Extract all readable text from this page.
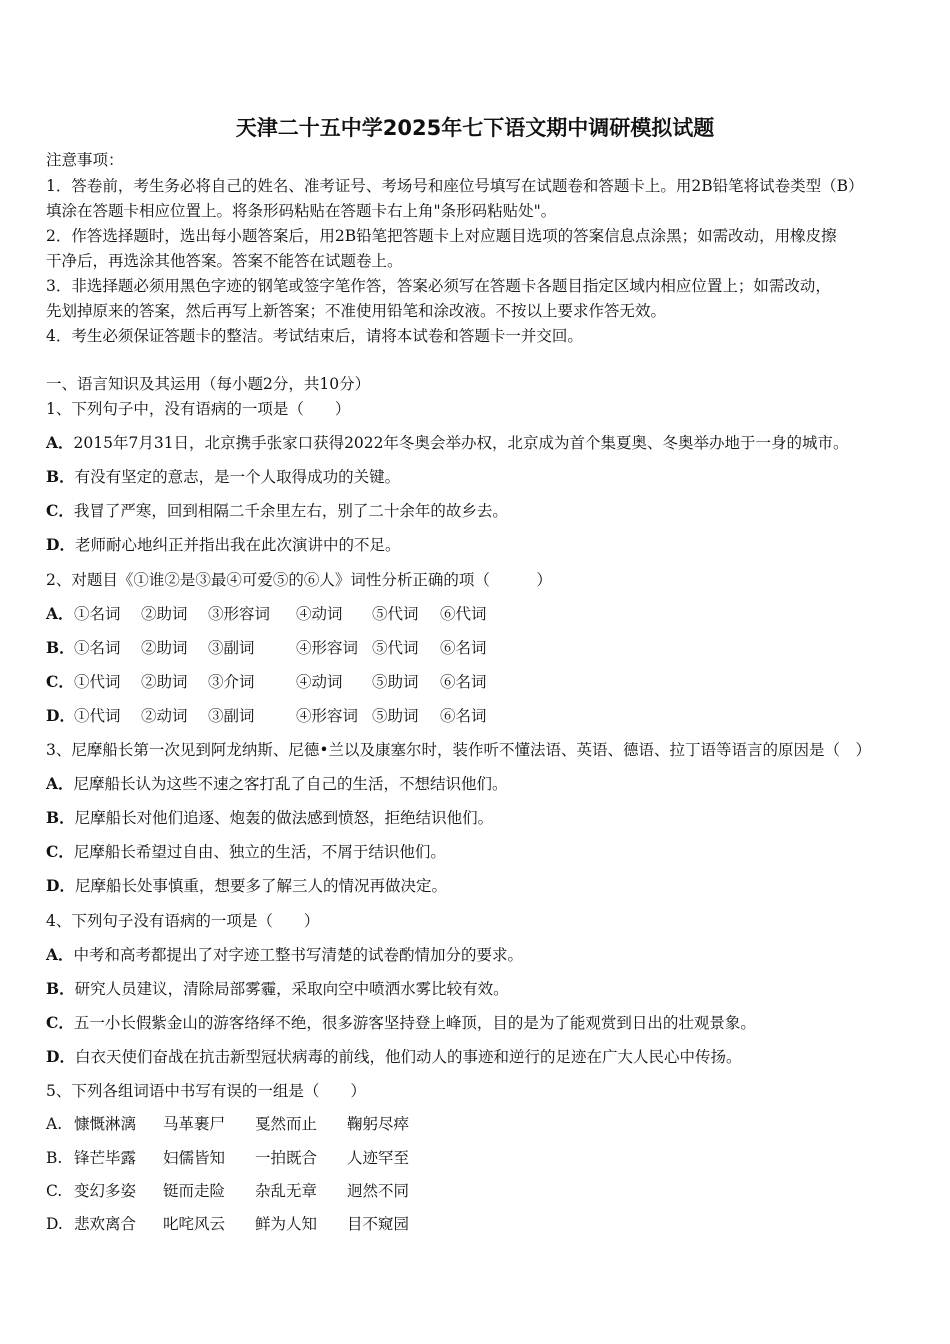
天津二十五中学2025年七下语文期中调研模拟试题
注意事项：
1．答卷前，考生务必将自己的姓名、准考证号、考场号和座位号填写在试题卷和答题卡上。用2B铅笔将试卷类型（B）
填涂在答题卡相应位置上。将条形码粘贴在答题卡右上角"条形码粘贴处"。
2．作答选择题时，选出每小题答案后，用2B铅笔把答题卡上对应题目选项的答案信息点涂黑；如需改动，用橡皮擦
干净后，再选涂其他答案。答案不能答在试题卷上。
3．非选择题必须用黑色字迹的钢笔或签字笔作答，答案必须写在答题卡各题目指定区域内相应位置上；如需改动，
先划掉原来的答案，然后再写上新答案；不准使用铅笔和涂改液。不按以上要求作答无效。
4．考生必须保证答题卡的整洁。考试结束后，请将本试卷和答题卡一并交回。
一、语言知识及其运用（每小题2分，共10分）
1、下列句子中，没有语病的一项是（　　）
A．2015年7月31日，北京携手张家口获得2022年冬奥会举办权，北京成为首个集夏奥、冬奥举办地于一身的城市。
B．有没有坚定的意志，是一个人取得成功的关键。
C．我冒了严寒，回到相隔二千余里左右，别了二十余年的故乡去。
D．老师耐心地纠正并指出我在此次演讲中的不足。
2、对题目《①谁②是③最④可爱⑤的⑥人》词性分析正确的项（　　　）
A． ①名词 ②助词 ③形容词 ④动词 ⑤代词 ⑥代词
B． ①名词 ②助词 ③副词	④形容词 ⑤代词 ⑥名词
C． ①代词 ②助词 ③介词	④动词 ⑤助词 ⑥名词
D． ①代词 ②动词 ③副词	④形容词 ⑤助词 ⑥名词
3、尼摩船长第一次见到阿龙纳斯、尼德•兰以及康塞尔时，装作听不懂法语、英语、德语、拉丁语等语言的原因是（　）
A．尼摩船长认为这些不速之客打乱了自己的生活，不想结识他们。
B．尼摩船长对他们追逐、炮轰的做法感到愤怒，拒绝结识他们。
C．尼摩船长希望过自由、独立的生活，不屑于结识他们。
D．尼摩船长处事慎重，想要多了解三人的情况再做决定。
4、下列句子没有语病的一项是（　　）
A．中考和高考都提出了对字迹工整书写清楚的试卷酌情加分的要求。
B．研究人员建议，清除局部雾霾，采取向空中喷洒水雾比较有效。
C．五一小长假紫金山的游客络绎不绝，很多游客坚持登上峰顶，目的是为了能观赏到日出的壮观景象。
D．白衣天使们奋战在抗击新型冠状病毒的前线，他们动人的事迹和逆行的足迹在广大人民心中传扬。
5、下列各组词语中书写有误的一组是（　　）
A. 慷慨淋漓 马革裹尸 戛然而止 鞠躬尽瘁
B. 锋芒毕露 妇儒皆知 一拍既合 人迹罕至
C. 变幻多姿 铤而走险 杂乱无章 迥然不同
D. 悲欢离合 叱咤风云 鲜为人知 目不窥园
